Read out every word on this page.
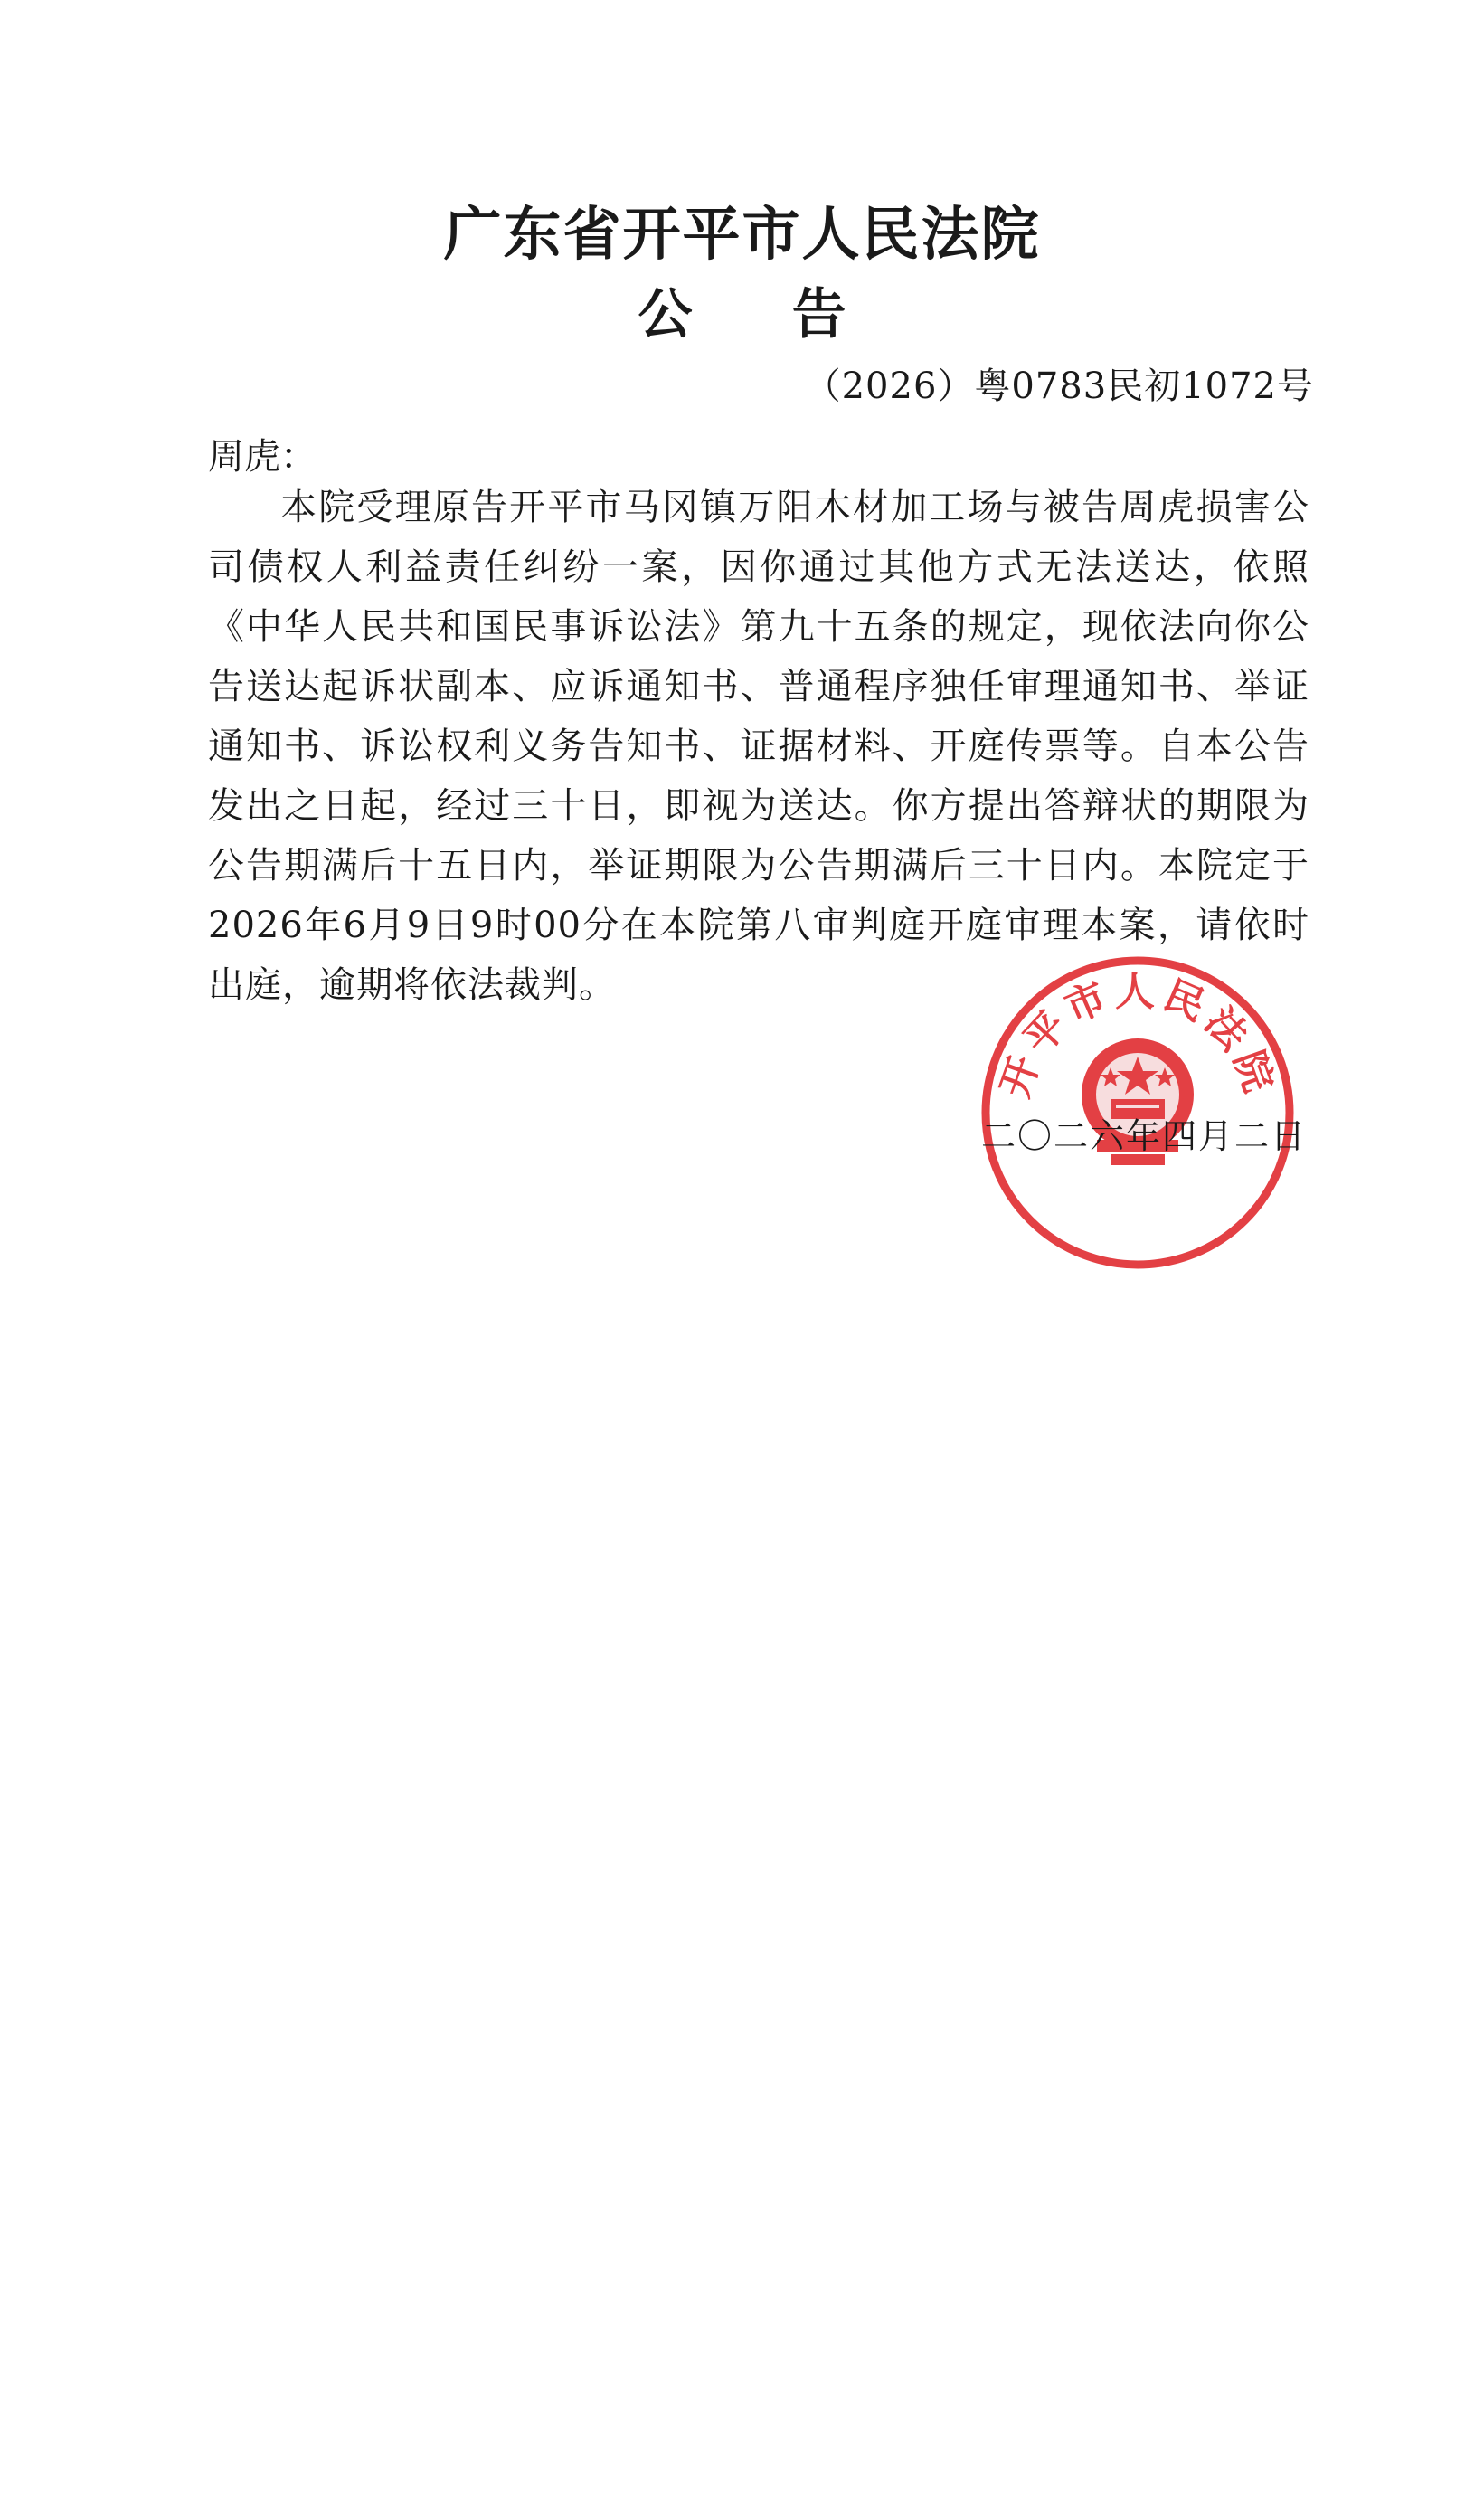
广东省开平市人民法院
公 告
（2026）粤0783民初1072号
周虎：
本院受理原告开平市马冈镇万阳木材加工场与被告周虎损害公司债权人利益责任纠纷一案，因你通过其他方式无法送达，依照《中华人民共和国民事诉讼法》第九十五条的规定，现依法向你公告送达起诉状副本、应诉通知书、普通程序独任审理通知书、举证通知书、诉讼权利义务告知书、证据材料、开庭传票等。自本公告发出之日起，经过三十日，即视为送达。你方提出答辩状的期限为公告期满后十五日内，举证期限为公告期满后三十日内。本院定于2026年6月9日9时00分在本院第八审判庭开庭审理本案，请依时出庭，逾期将依法裁判。
开平市人民法院
二〇二六年四月二日
